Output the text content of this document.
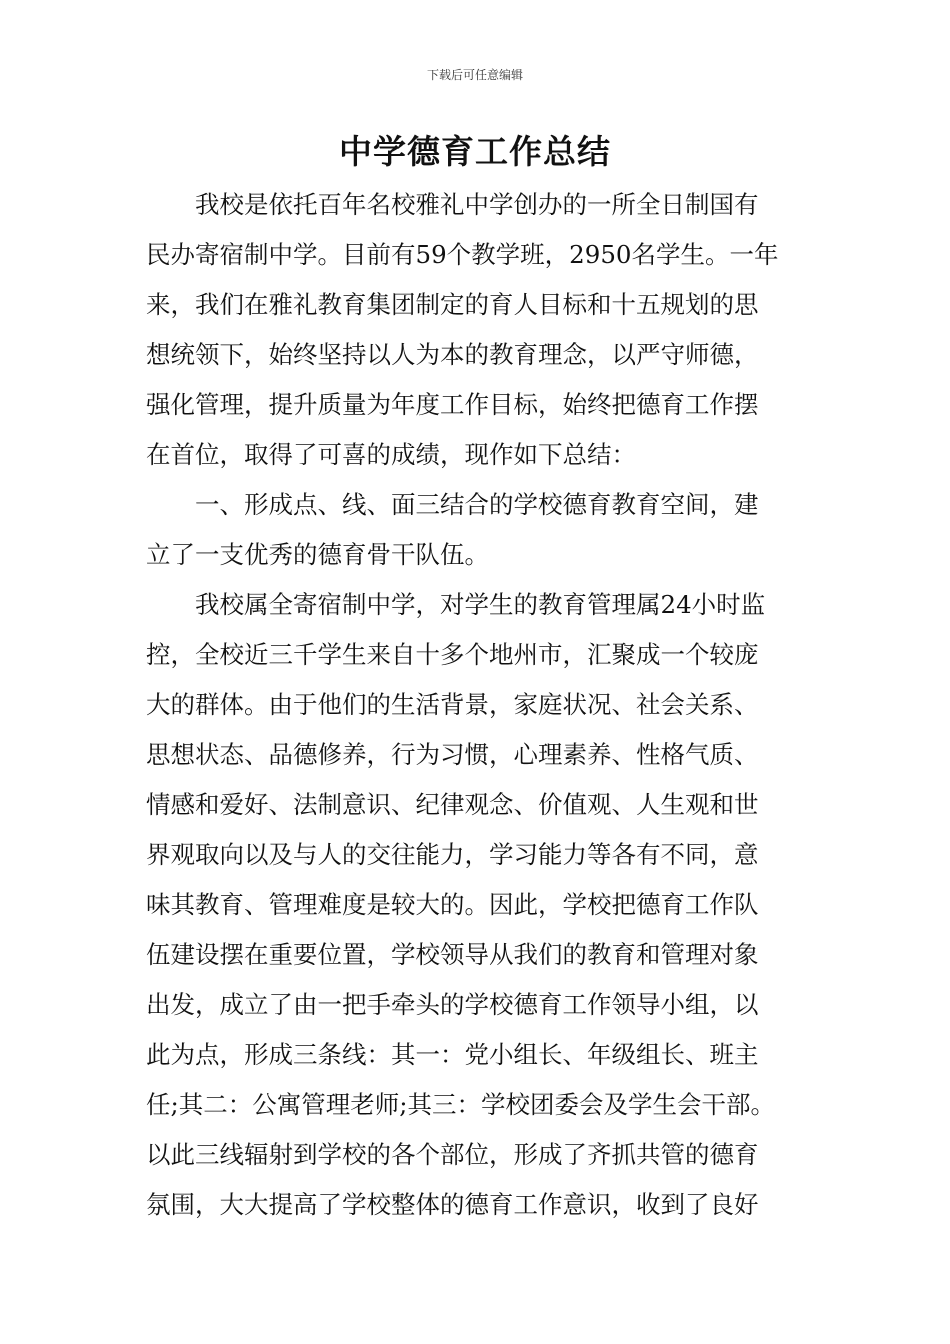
下载后可任意编辑
中学德育工作总结
我校是依托百年名校雅礼中学创办的一所全日制国有
民办寄宿制中学。目前有59个教学班，2950名学生。一年
来，我们在雅礼教育集团制定的育人目标和十五规划的思
想统领下，始终坚持以人为本的教育理念，以严守师德，
强化管理，提升质量为年度工作目标，始终把德育工作摆
在首位，取得了可喜的成绩，现作如下总结：
一、形成点、线、面三结合的学校德育教育空间，建
立了一支优秀的德育骨干队伍。
我校属全寄宿制中学，对学生的教育管理属24小时监
控，全校近三千学生来自十多个地州市，汇聚成一个较庞
大的群体。由于他们的生活背景，家庭状况、社会关系、
思想状态、品德修养，行为习惯，心理素养、性格气质、
情感和爱好、法制意识、纪律观念、价值观、人生观和世
界观取向以及与人的交往能力，学习能力等各有不同，意
味其教育、管理难度是较大的。因此，学校把德育工作队
伍建设摆在重要位置，学校领导从我们的教育和管理对象
出发，成立了由一把手牵头的学校德育工作领导小组，以
此为点，形成三条线：其一：党小组长、年级组长、班主
任;其二：公寓管理老师;其三：学校团委会及学生会干部。
以此三线辐射到学校的各个部位，形成了齐抓共管的德育
氛围，大大提高了学校整体的德育工作意识，收到了良好
